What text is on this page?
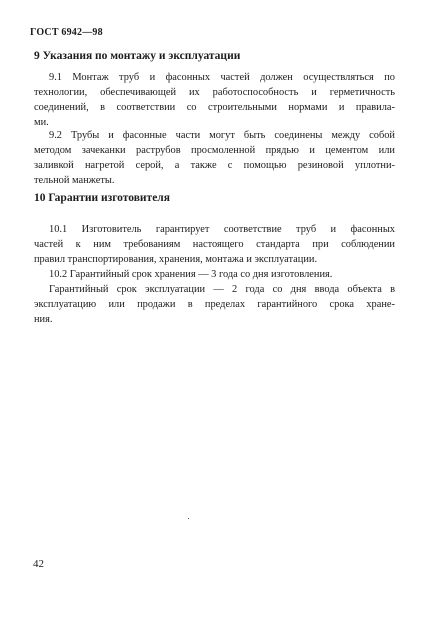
ГОСТ 6942—98
9 Указания по монтажу и эксплуатации
9.1 Монтаж труб и фасонных частей должен осуществляться по
технологии, обеспечивающей их работоспособность и герметичность
соединений, в соответствии со строительными нормами и правила-
ми.
9.2 Трубы и фасонные части могут быть соединены между собой
методом зачеканки раструбов просмоленной прядью и цементом или
заливкой нагретой серой, а также с помощью резиновой уплотни-
тельной манжеты.
10 Гарантии изготовителя
10.1 Изготовитель гарантирует соответствие труб и фасонных
частей к ним требованиям настоящего стандарта при соблюдении
правил транспортирования, хранения, монтажа и эксплуатации.
10.2 Гарантийный срок хранения — 3 года со дня изготовления.
Гарантийный срок эксплуатации — 2 года со дня ввода объекта в
эксплуатацию или продажи в пределах гарантийного срока хране-
ния.
42
